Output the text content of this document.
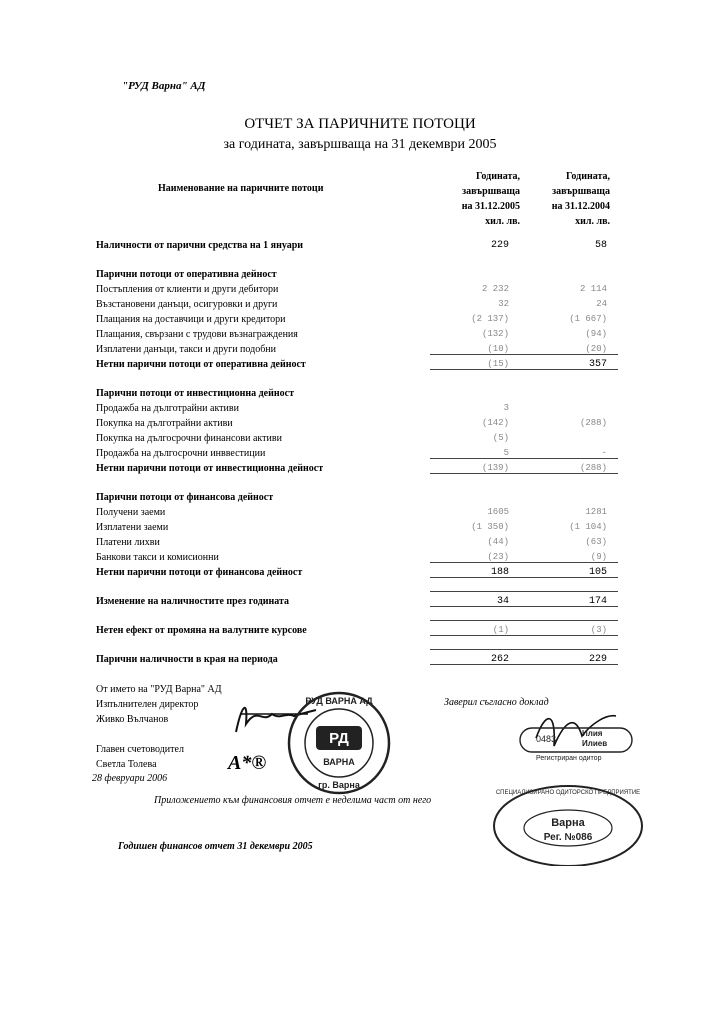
"РУД Варна" АД
ОТЧЕТ ЗА ПАРИЧНИТЕ ПОТОЦИ
за годината, завършваща на 31 декември 2005
Наименование на паричните потоци
Годината,
завършваща
на 31.12.2005
хил. лв.
Годината,
завършваща
на 31.12.2004
хил. лв.
Наличности от парични средства на 1 януари	229	58
Парични потоци от оперативна дейност
Постъпления от клиенти и други дебитори	2 232	2 114
Възстановени данъци, осигуровки и други	32	24
Плащания на доставчици и други кредитори	(2 137)	(1 667)
Плащания, свързани с трудови възнаграждения	(132)	(94)
Изплатени данъци, такси и други подобни	(10)	(20)
Нетни парични потоци от оперативна дейност	(15)	357
Парични потоци от инвестиционна дейност
Продажба на дълготрайни активи	3
Покупка на дълготрайни активи	(142)	(288)
Покупка на дългосрочни финансови активи	(5)
Продажба на дългосрочни инввестиции	5	-
Нетни парични потоци от инвестиционна дейност	(139)	(288)
Парични потоци от финансова дейност
Получени заеми	1605	1281
Изплатени заеми	(1 350)	(1 104)
Платени лихви	(44)	(63)
Банкови такси и комисионни	(23)	(9)
Нетни парични потоци от финансова дейност	188	105
Изменение на наличностите през годината	34	174
Нетен ефект от промяна на валутните курсове	(1)	(3)
Парични наличности в края на периода	262	229
От името на "РУД Варна" АД
Изпълнителен директор
Живко Вълчанов
Главен счетоводител
Светла Толева
28 февруари 2006
Заверил съгласно доклад
А*®
Приложението към финансовия отчет е неделима част от него
Годишен финансов отчет 31 декември 2005
РД
ВАРНА
РУД ВАРНА АД
гр. Варна
0483
Илия
Илиев
Регистриран одитор
СПЕЦИАЛИЗИРАНО ОДИТОРСКО ПРЕДПРИЯТИЕ
Варна
Рег. №086
